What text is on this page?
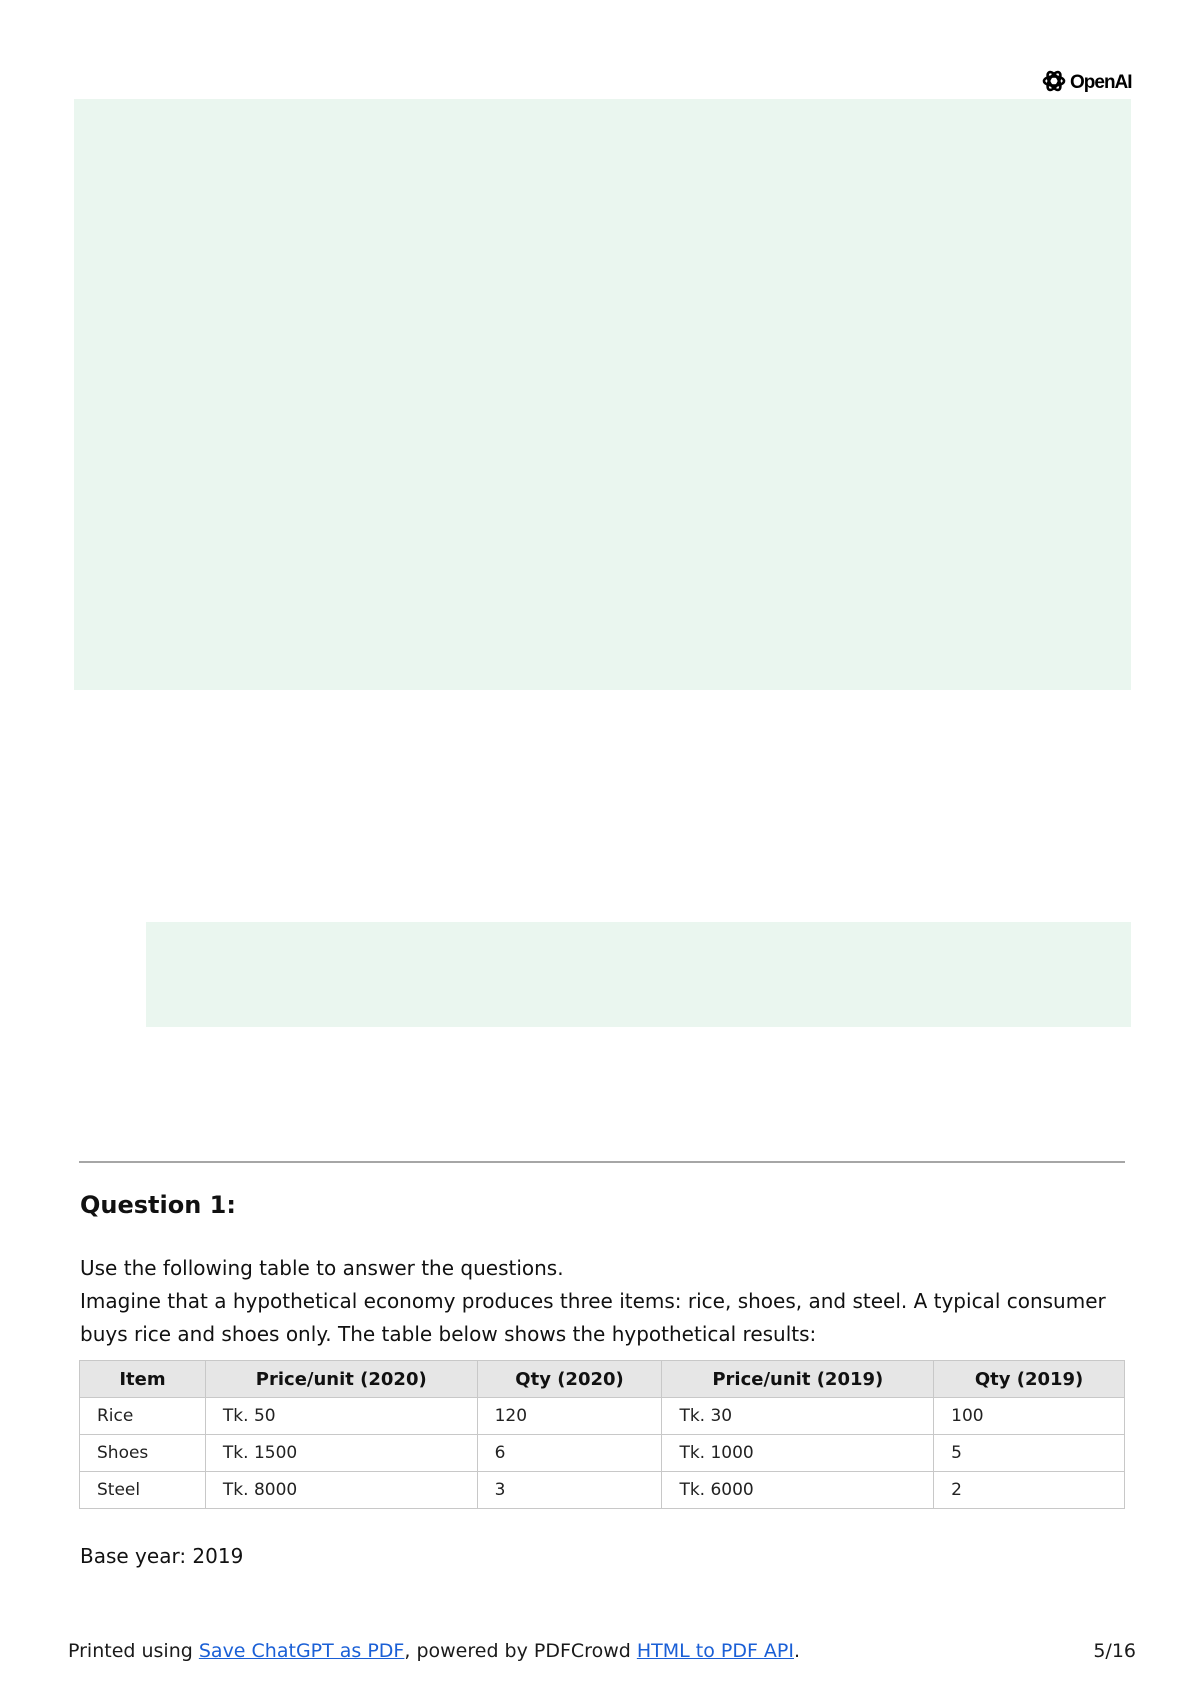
OpenAI
Question 1:

Use the following table to answer the questions.

Imagine that a hypothetical economy produces three items: rice, shoes, and steel. A typical consumer buys rice and shoes only. The table below shows the hypothetical results:

Item	Price/unit (2020)	Qty (2020)	Price/unit (2019)	Qty (2019)
Rice	Tk. 50	120	Tk. 30	100
Shoes	Tk. 1500	6	Tk. 1000	5
Steel	Tk. 8000	3	Tk. 6000	2

Base year: 2019

Printed using Save ChatGPT as PDF, powered by PDFCrowd HTML to PDF API.	5/16
